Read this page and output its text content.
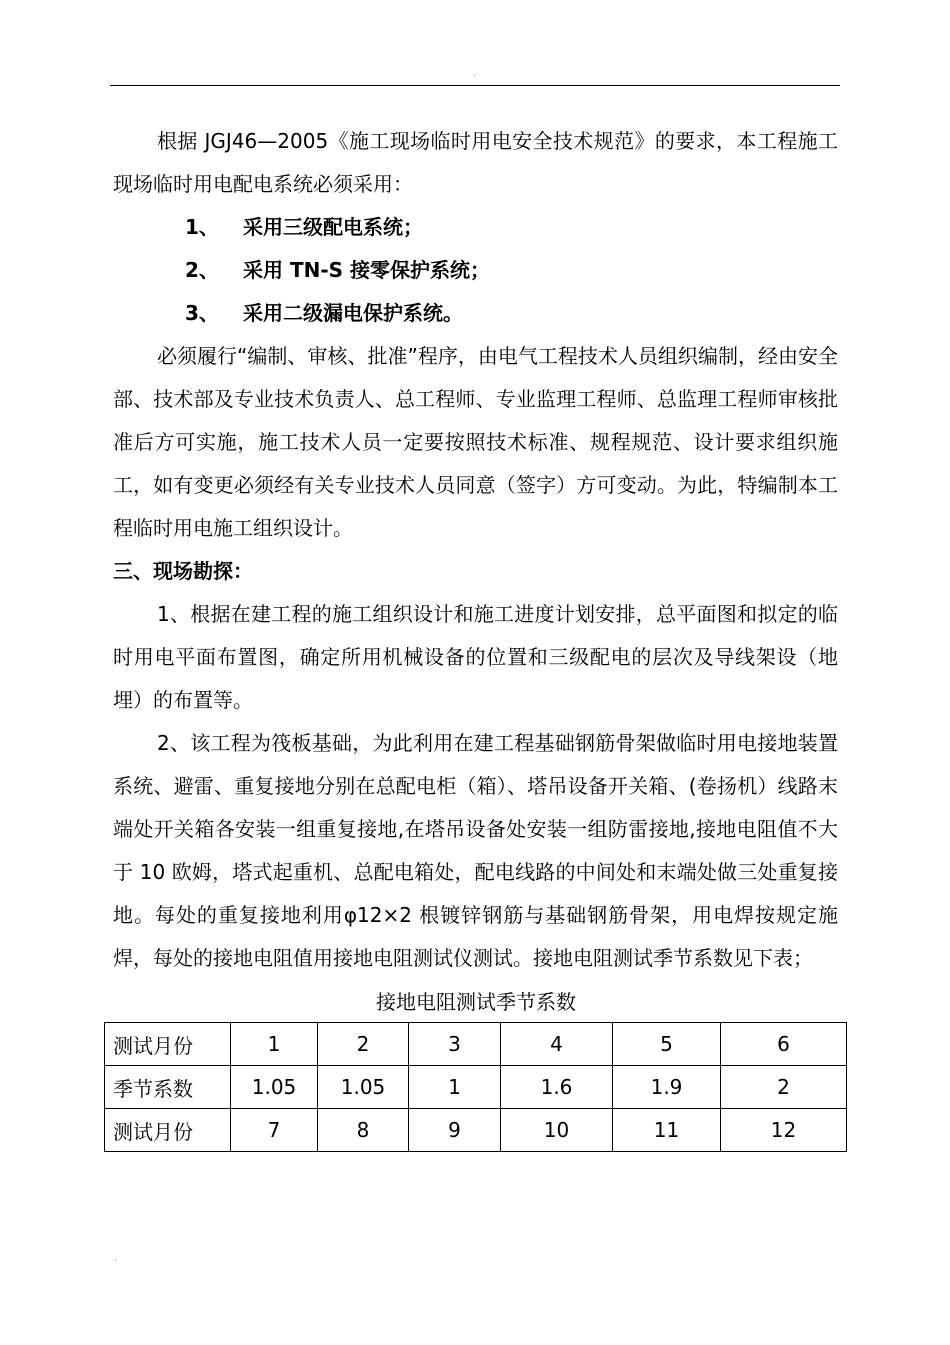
.

根据 JGJ46—2005《施工现场临时用电安全技术规范》的要求，本工程施工现场临时用电配电系统必须采用：

1、	采用三级配电系统；
2、	采用 TN-S 接零保护系统；
3、	采用二级漏电保护系统。

必须履行“编制、审核、批准”程序，由电气工程技术人员组织编制，经由安全部、技术部及专业技术负责人、总工程师、专业监理工程师、总监理工程师审核批准后方可实施，施工技术人员一定要按照技术标准、规程规范、设计要求组织施工，如有变更必须经有关专业技术人员同意（签字）方可变动。为此，特编制本工程临时用电施工组织设计。

三、现场勘探：

1、根据在建工程的施工组织设计和施工进度计划安排，总平面图和拟定的临时用电平面布置图，确定所用机械设备的位置和三级配电的层次及导线架设（地埋）的布置等。

2、该工程为筏板基础，为此利用在建工程基础钢筋骨架做临时用电接地装置系统、避雷、重复接地分别在总配电柜（箱）、塔吊设备开关箱、(卷扬机）线路末端处开关箱各安装一组重复接地,在塔吊设备处安装一组防雷接地,接地电阻值不大于 10 欧姆，塔式起重机、总配电箱处，配电线路的中间处和末端处做三处重复接地。每处的重复接地利用φ12×2 根镀锌钢筋与基础钢筋骨架，用电焊按规定施焊，每处的接地电阻值用接地电阻测试仪测试。接地电阻测试季节系数见下表；

接地电阻测试季节系数
测试月份	1	2	3	4	5	6
季节系数	1.05	1.05	1	1.6	1.9	2
测试月份	7	8	9	10	11	12
.
